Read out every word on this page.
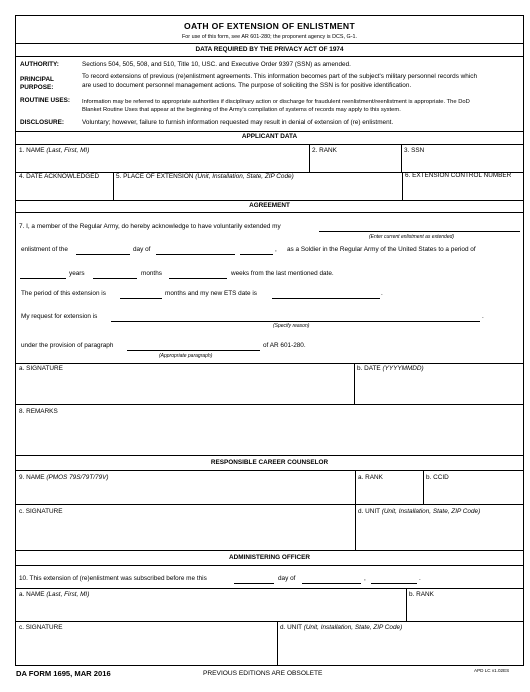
OATH OF EXTENSION OF ENLISTMENT
For use of this form, see AR 601-280; the proponent agency is DCS, G-1.
DATA REQUIRED BY THE PRIVACY ACT OF 1974
AUTHORITY:	Sections 504, 505, 508, and 510, Title 10, USC. and Executive Order 9397 (SSN) as amended.
PRINCIPAL
PURPOSE:
To record extensions of previous (re)enlistment agreements. This information becomes part of the subject's military personnel records which
are used to document personnel management actions. The purpose of soliciting the SSN is for positive identification.
ROUTINE USES: Information may be referred to appropriate authorities if disciplinary action or discharge for fraudulent reenlistment/reenlistment is appropriate. The DoD
Blanket Routine Uses that appear at the beginning of the Army's compilation of systems of records may apply to this system.
DISCLOSURE:	Voluntary; however, failure to furnish information requested may result in denial of extension of (re) enlistment.
APPLICANT DATA
1. NAME (Last, First, MI)	2. RANK	3. SSN
4. DATE ACKNOWLEDGED	5. PLACE OF EXTENSION (Unit, Installation, State, ZIP Code)	6. EXTENSION CONTROL NUMBER
AGREEMENT
7. I, a member of the Regular Army, do hereby acknowledge to have voluntarily extended my
(Enter current enlistment as extended)
enlistment of the	day of	, as a Soldier in the Regular Army of the United States to a period of
years	months	weeks from the last mentioned date.
The period of this extension is	months and my new ETS date is	.
My request for extension is	.
(Specify reason)
under the provision of paragraph	of AR 601-280.
(Appropriate paragraph)
a. SIGNATURE	b. DATE (YYYYMMDD)
8. REMARKS
RESPONSIBLE CAREER COUNSELOR
9. NAME (PMOS 79S/79T/79V)	a. RANK	b. CCID
c. SIGNATURE	d. UNIT (Unit, Installation, State, ZIP Code)
ADMINISTERING OFFICER
10. This extension of (re)enlistment was subscribed before me this	day of	,	.
a. NAME (Last, First, MI)	b. RANK
c. SIGNATURE	d. UNIT (Unit, Installation, State, ZIP Code)
DA FORM 1695, MAR 2016	PREVIOUS EDITIONS ARE OBSOLETE	APD LC v1.02ES
